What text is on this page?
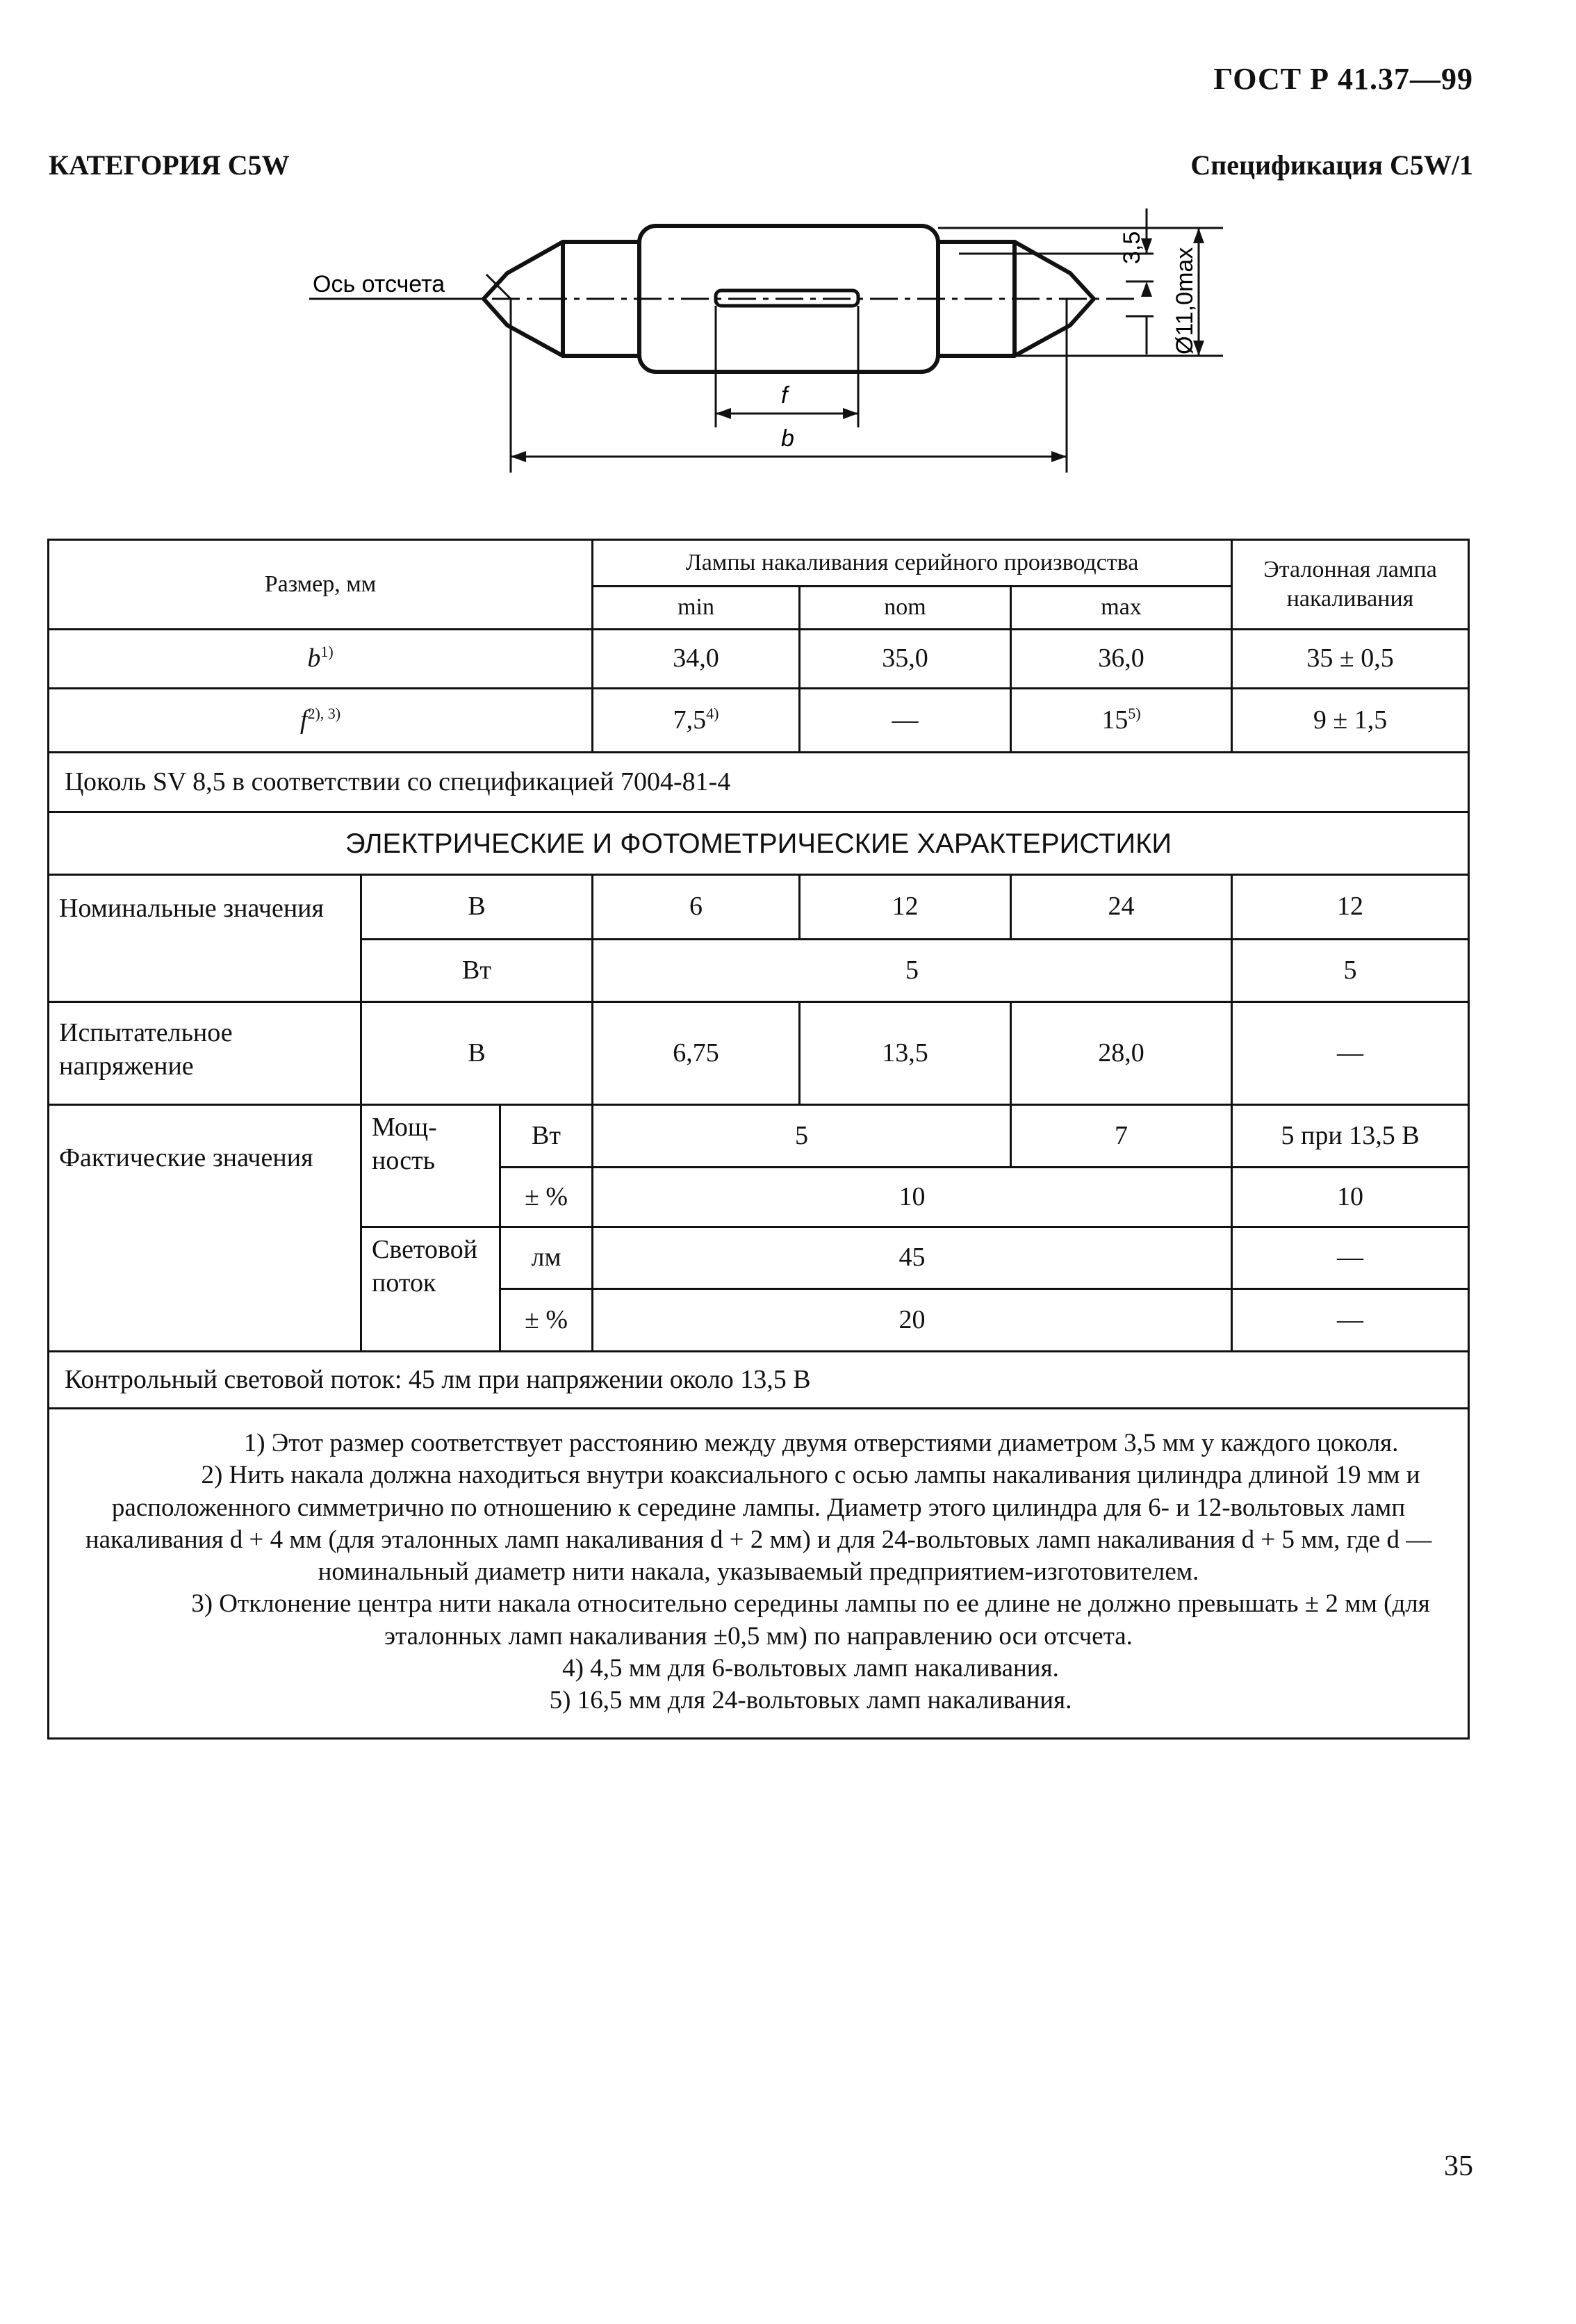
ГОСТ Р 41.37—99
КАТЕГОРИЯ C5W	Спецификация C5W/1
Ось отсчета
3,5 Ø11,0max
f
b
Размер, мм			Лампы накаливания серийного производства			Эталонная лампа накаливания
			min	nom	max	
$b^{1)}$			34,0	35,0	36,0	35 ± 0,5
$f^{2), 3)}$			7,5$^{4)}$	—	15$^{5)}$	9 ± 1,5
Цоколь SV 8,5 в соответствии со спецификацией 7004-81-4						
ЭЛЕКТРИЧЕСКИЕ И ФОТОМЕТРИЧЕСКИЕ ХАРАКТЕРИСТИКИ						
Номинальные значения	В		6	12	24	12
	Вт		5			5
Испытательное напряжение	В		6,75	13,5	28,0	—
Фактические значения	Мощ-ность	Вт	5		7	5 при 13,5 В
		± %	10			10
	Световой поток	лм	45			—
		± %	20			—
Контрольный световой поток: 45 лм при напряжении около 13,5 В						

1) Этот размер соответствует расстоянию между двумя отверстиями диаметром 3,5 мм у каждого цоколя.

2) Нить накала должна находиться внутри коаксиального с осью лампы накаливания цилиндра длиной 19 мм и расположенного симметрично по отношению к середине лампы. Диаметр этого цилиндра для 6- и 12-вольтовых ламп накаливания d + 4 мм (для эталонных ламп накаливания d + 2 мм) и для 24-вольтовых ламп накаливания d + 5 мм, где d — номинальный диаметр нити накала, указываемый предприятием-изготовителем.

3) Отклонение центра нити накала относительно середины лампы по ее длине не должно превышать ± 2 мм (для эталонных ламп накаливания ±0,5 мм) по направлению оси отсчета.

4) 4,5 мм для 6-вольтовых ламп накаливания.

5) 16,5 мм для 24-вольтовых ламп накаливания.						

35
